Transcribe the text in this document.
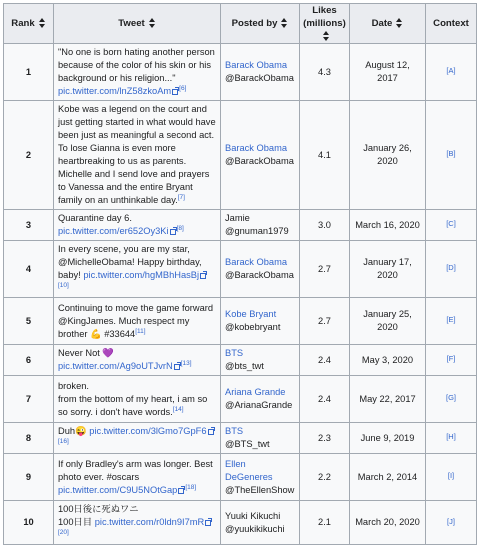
Rank	Tweet	Posted by	Likes
(millions)	Date	Context
1	"No one is born hating another person because of the color of his skin or his background or his religion..." pic.twitter.com/lnZ58zkoAm [6]	Barack Obama
@BarackObama	4.3	August 12, 2017	[A]
2	Kobe was a legend on the court and just getting started in what would have been just as meaningful a second act. To lose Gianna is even more heartbreaking to us as parents. Michelle and I send love and prayers to Vanessa and the entire Bryant family on an unthinkable day.[7]	Barack Obama
@BarackObama	4.1	January 26, 2020	[B]
3	Quarantine day 6. pic.twitter.com/er652Oy3Ki [8]	Jamie
@gnuman1979	3.0	March 16, 2020	[C]
4	In every scene, you are my star, @MichelleObama! Happy birthday, baby! pic.twitter.com/hgMBhHasBj[10]	Barack Obama
@BarackObama	2.7	January 17, 2020	[D]
5	Continuing to move the game forward @KingJames. Much respect my brother 💪 #33644[11]	Kobe Bryant
@kobebryant	2.7	January 25, 2020	[E]
6	Never Not 💜 pic.twitter.com/Ag9oUTJvrN [13]	BTS
@bts_twt	2.4	May 3, 2020	[F]
7	broken.
from the bottom of my heart, i am so so sorry. i don't have words.[14]	Ariana Grande
@ArianaGrande	2.4	May 22, 2017	[G]
8	Duh😜 pic.twitter.com/3lGmo7GpF6[16]	BTS
@BTS_twt	2.3	June 9, 2019	[H]
9	If only Bradley's arm was longer. Best photo ever. #oscars pic.twitter.com/C9U5NOtGap [18]	Ellen DeGeneres
@TheEllenShow	2.2	March 2, 2014	[I]
10	100日後に死ぬワニ
100日目 pic.twitter.com/r0ldn9I7mR[20]	Yuuki Kikuchi
@yuukikikuchi	2.1	March 20, 2020	[J]
